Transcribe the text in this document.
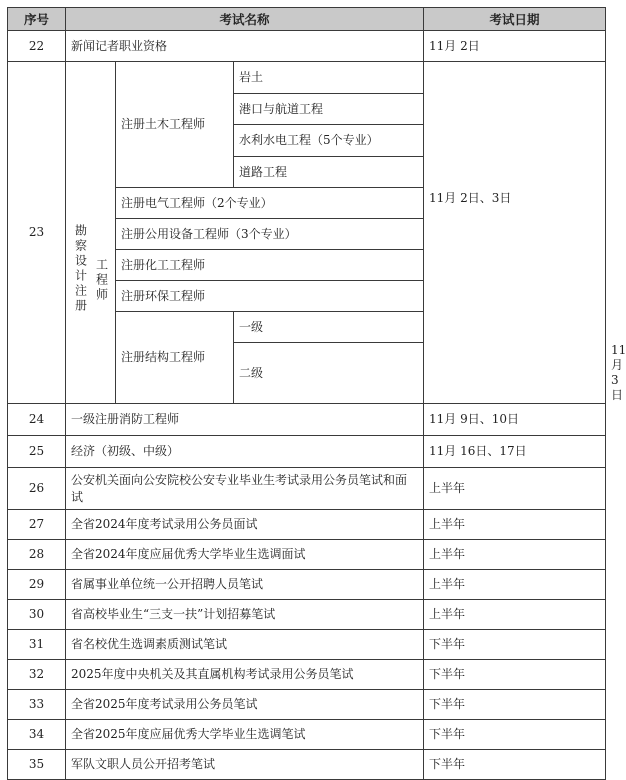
序号	考试名称			考试日期	
22	新闻记者职业资格			11月 2日	
23	勘察设计注册 工程师	注册土木工程师	岩土	11月 2日、3日	
			港口与航道工程		
			水利水电工程（5个专业）		
			道路工程		
		注册电气工程师（2个专业）			
		注册公用设备工程师（3个专业）			
		注册化工工程师			
		注册环保工程师			
		注册结构工程师	一级		
			二级		11月 3日
24	一级注册消防工程师			11月 9日、10日	
25	经济（初级、中级）			11月 16日、17日	
26	公安机关面向公安院校公安专业毕业生考试录用公务员笔试和面试			上半年	
27	全省2024年度考试录用公务员面试			上半年	
28	全省2024年度应届优秀大学毕业生选调面试			上半年	
29	省属事业单位统一公开招聘人员笔试			上半年	
30	省高校毕业生“三支一扶”计划招募笔试			上半年	
31	省名校优生选调素质测试笔试			下半年	
32	2025年度中央机关及其直属机构考试录用公务员笔试			下半年	
33	全省2025年度考试录用公务员笔试			下半年	
34	全省2025年度应届优秀大学毕业生选调笔试			下半年	
35	军队文职人员公开招考笔试			下半年	
